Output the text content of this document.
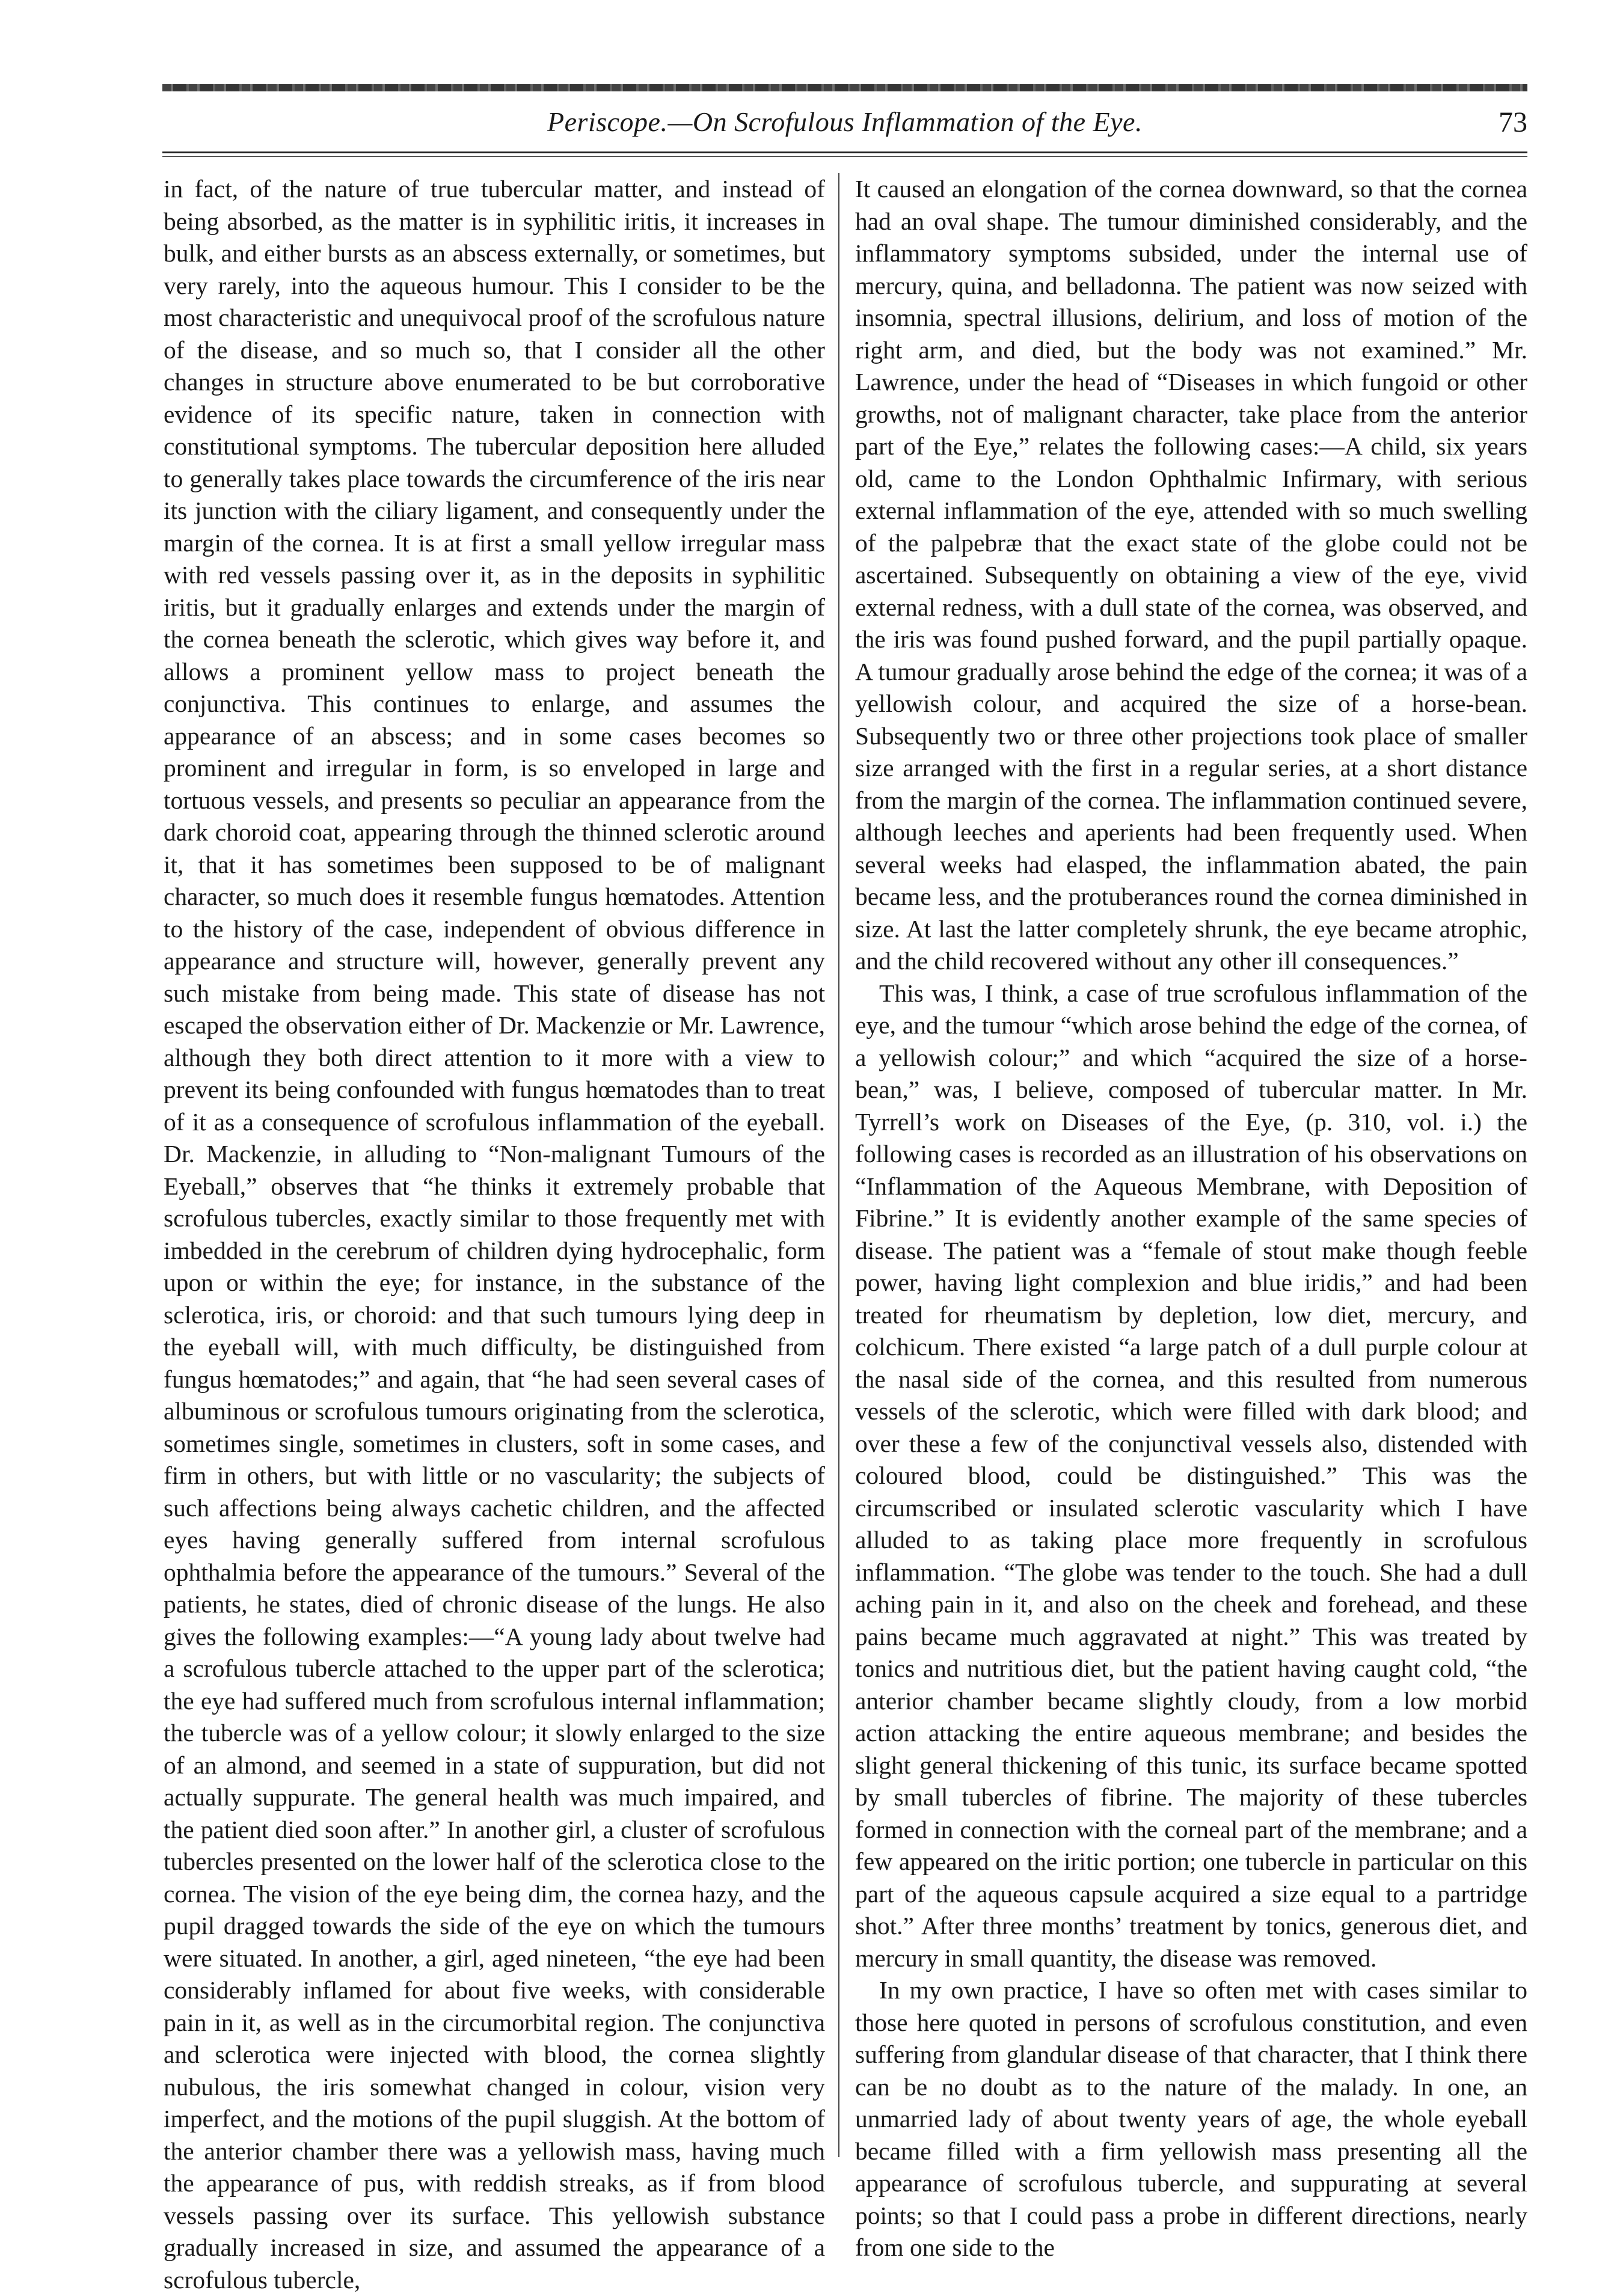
Periscope.—On Scrofulous Inflammation of the Eye.	73

in fact, of the nature of true tubercular matter, and instead of being absorbed, as the matter is in syphilitic iritis, it increases in bulk, and either bursts as an abscess externally, or sometimes, but very rarely, into the aqueous humour. This I consider to be the most characteristic and unequivocal proof of the scrofulous nature of the disease, and so much so, that I consider all the other changes in structure above enumerated to be but corroborative evidence of its specific nature, taken in connection with constitutional symptoms. The tubercular deposition here alluded to generally takes place towards the circumference of the iris near its junction with the ciliary ligament, and consequently under the margin of the cornea. It is at first a small yellow irregular mass with red vessels passing over it, as in the deposits in syphilitic iritis, but it gradually enlarges and extends under the margin of the cornea beneath the sclerotic, which gives way before it, and allows a prominent yellow mass to project beneath the conjunctiva. This continues to enlarge, and assumes the appearance of an abscess; and in some cases becomes so prominent and irregular in form, is so enveloped in large and tortuous vessels, and presents so peculiar an appearance from the dark choroid coat, appearing through the thinned sclerotic around it, that it has sometimes been supposed to be of malignant character, so much does it resemble fungus hœmatodes. Attention to the history of the case, independent of obvious difference in appearance and structure will, however, generally prevent any such mistake from being made. This state of disease has not escaped the observation either of Dr. Mackenzie or Mr. Lawrence, although they both direct attention to it more with a view to prevent its being confounded with fungus hœmatodes than to treat of it as a consequence of scrofulous inflammation of the eyeball. Dr. Mackenzie, in alluding to “Non-malignant Tumours of the Eyeball,” observes that “he thinks it extremely probable that scrofulous tubercles, exactly similar to those frequently met with imbedded in the cerebrum of children dying hydrocephalic, form upon or within the eye; for instance, in the substance of the sclerotica, iris, or choroid: and that such tumours lying deep in the eyeball will, with much difficulty, be distinguished from fungus hœmatodes;” and again, that “he had seen several cases of albuminous or scrofulous tumours originating from the sclerotica, sometimes single, sometimes in clusters, soft in some cases, and firm in others, but with little or no vascularity; the subjects of such affections being always cachetic children, and the affected eyes having generally suffered from internal scrofulous ophthalmia before the appearance of the tumours.” Several of the patients, he states, died of chronic disease of the lungs. He also gives the following examples:—“A young lady about twelve had a scrofulous tubercle attached to the upper part of the sclerotica; the eye had suffered much from scrofulous internal inflammation; the tubercle was of a yellow colour; it slowly enlarged to the size of an almond, and seemed in a state of suppuration, but did not actually suppurate. The general health was much impaired, and the patient died soon after.” In another girl, a cluster of scrofulous tubercles presented on the lower half of the sclerotica close to the cornea. The vision of the eye being dim, the cornea hazy, and the pupil dragged towards the side of the eye on which the tumours were situated. In another, a girl, aged nineteen, “the eye had been considerably inflamed for about five weeks, with considerable pain in it, as well as in the circumorbital region. The conjunctiva and sclerotica were injected with blood, the cornea slightly nubulous, the iris somewhat changed in colour, vision very imperfect, and the motions of the pupil sluggish. At the bottom of the anterior chamber there was a yellowish mass, having much the appearance of pus, with reddish streaks, as if from blood vessels passing over its surface. This yellowish substance gradually increased in size, and assumed the appearance of a scrofulous tubercle,

It caused an elongation of the cornea downward, so that the cornea had an oval shape. The tumour diminished considerably, and the inflammatory symptoms subsided, under the internal use of mercury, quina, and belladonna. The patient was now seized with insomnia, spectral illusions, delirium, and loss of motion of the right arm, and died, but the body was not examined.” Mr. Lawrence, under the head of “Diseases in which fungoid or other growths, not of malignant character, take place from the anterior part of the Eye,” relates the following cases:—A child, six years old, came to the London Ophthalmic Infirmary, with serious external inflammation of the eye, attended with so much swelling of the palpebræ that the exact state of the globe could not be ascertained. Subsequently on obtaining a view of the eye, vivid external redness, with a dull state of the cornea, was observed, and the iris was found pushed forward, and the pupil partially opaque. A tumour gradually arose behind the edge of the cornea; it was of a yellowish colour, and acquired the size of a horse-bean. Subsequently two or three other projections took place of smaller size arranged with the first in a regular series, at a short distance from the margin of the cornea. The inflammation continued severe, although leeches and aperients had been frequently used. When several weeks had elasped, the inflammation abated, the pain became less, and the protuberances round the cornea diminished in size. At last the latter completely shrunk, the eye became atrophic, and the child recovered without any other ill consequences.”

This was, I think, a case of true scrofulous inflammation of the eye, and the tumour “which arose behind the edge of the cornea, of a yellowish colour;” and which “acquired the size of a horse-bean,” was, I believe, composed of tubercular matter. In Mr. Tyrrell’s work on Diseases of the Eye, (p. 310, vol. i.) the following cases is recorded as an illustration of his observations on “Inflammation of the Aqueous Membrane, with Deposition of Fibrine.” It is evidently another example of the same species of disease. The patient was a “female of stout make though feeble power, having light complexion and blue iridis,” and had been treated for rheumatism by depletion, low diet, mercury, and colchicum. There existed “a large patch of a dull purple colour at the nasal side of the cornea, and this resulted from numerous vessels of the sclerotic, which were filled with dark blood; and over these a few of the conjunctival vessels also, distended with coloured blood, could be distinguished.” This was the circumscribed or insulated sclerotic vascularity which I have alluded to as taking place more frequently in scrofulous inflammation. “The globe was tender to the touch. She had a dull aching pain in it, and also on the cheek and forehead, and these pains became much aggravated at night.” This was treated by tonics and nutritious diet, but the patient having caught cold, “the anterior chamber became slightly cloudy, from a low morbid action attacking the entire aqueous membrane; and besides the slight general thickening of this tunic, its surface became spotted by small tubercles of fibrine. The majority of these tubercles formed in connection with the corneal part of the membrane; and a few appeared on the iritic portion; one tubercle in particular on this part of the aqueous capsule acquired a size equal to a partridge shot.” After three months’ treatment by tonics, generous diet, and mercury in small quantity, the disease was removed.

In my own practice, I have so often met with cases similar to those here quoted in persons of scrofulous constitution, and even suffering from glandular disease of that character, that I think there can be no doubt as to the nature of the malady. In one, an unmarried lady of about twenty years of age, the whole eyeball became filled with a firm yellowish mass presenting all the appearance of scrofulous tubercle, and suppurating at several points; so that I could pass a probe in different directions, nearly from one side to the
